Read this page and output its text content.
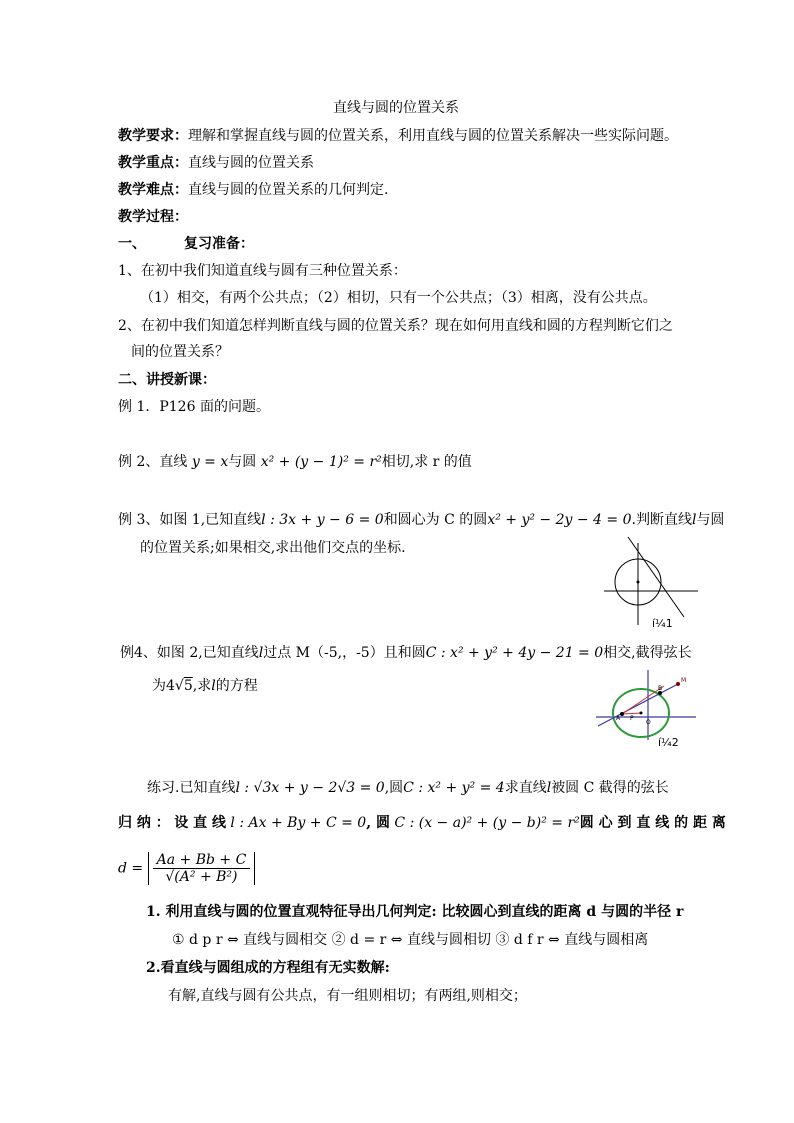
直线与圆的位置关系
教学要求：理解和掌握直线与圆的位置关系，利用直线与圆的位置关系解决一些实际问题。
教学重点：直线与圆的位置关系
教学难点：直线与圆的位置关系的几何判定.
教学过程：
一、	复习准备：
1、在初中我们知道直线与圆有三种位置关系：
（1）相交，有两个公共点；（2）相切，只有一个公共点；（3）相离，没有公共点。
2、在初中我们知道怎样判断直线与圆的位置关系？现在如何用直线和圆的方程判断它们之
间的位置关系？
二、讲授新课：
例 1．P126 面的问题。
例 2、直线 y = x与圆 x² + (y − 1)² = r²相切,求 r 的值
例 3、如图 1,已知直线l : 3x + y − 6 = 0和圆心为 C 的圆x² + y² − 2y − 4 = 0.判断直线l与圆
的位置关系;如果相交,求出他们交点的坐标.
í¼1
例4、如图 2,已知直线l过点 M（-5,，-5）且和圆C : x² + y² + 4y − 21 = 0相交,截得弦长
为4√5,求l的方程	M
O
B
A P
í¼2
练习.已知直线l : √3x + y − 2√3 = 0,圆C : x² + y² = 4求直线l被圆 C 截得的弦长
归 纳 ： 设 直 线 l : Ax + By + C = 0, 圆 C : (x − a)² + (y − b)² = r²圆 心 到 直 线 的 距 离
$d = \frac{Aa + Bb + C}{\text{√(A² + B²)}}$
1. 利用直线与圆的位置直观特征导出几何判定: 比较圆心到直线的距离 d 与圆的半径 r
① d p r ⇔ 直线与圆相交 ② d = r ⇔ 直线与圆相切 ③ d f r ⇔ 直线与圆相离
2.看直线与圆组成的方程组有无实数解:
有解,直线与圆有公共点，有一组则相切；有两组,则相交；
